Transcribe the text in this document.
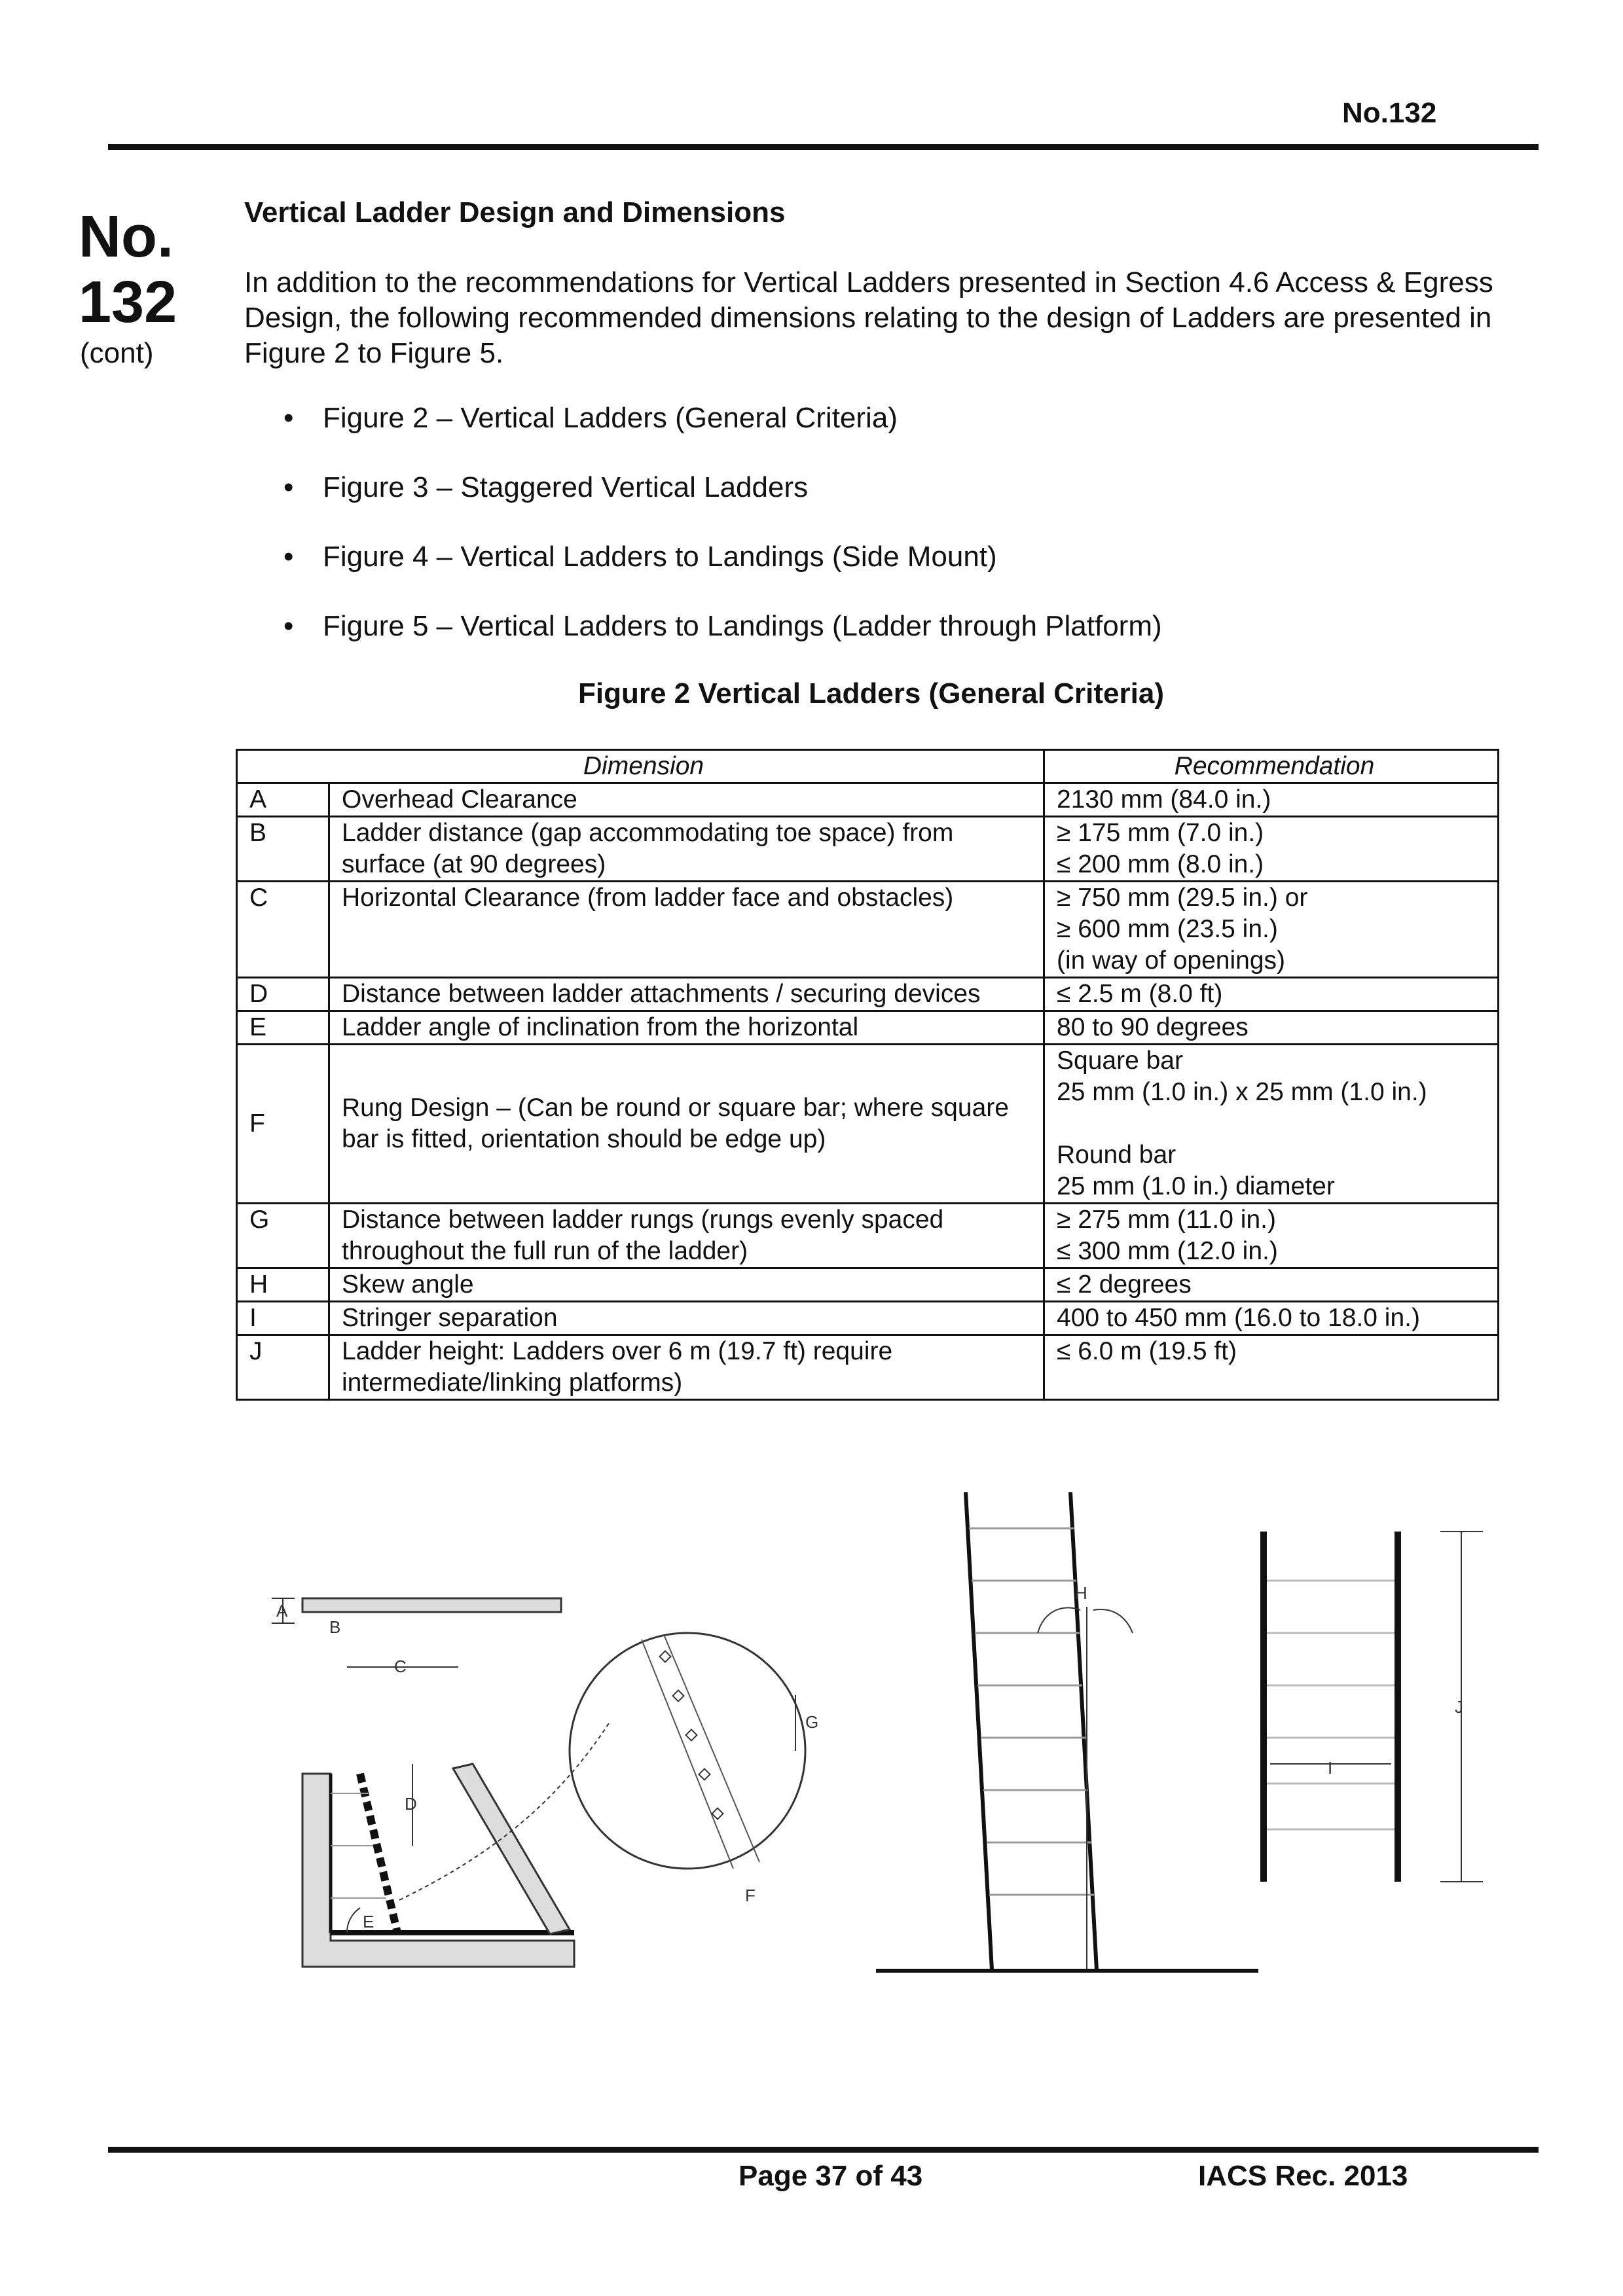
No.132
No.
132
(cont)
Vertical Ladder Design and Dimensions
In addition to the recommendations for Vertical Ladders presented in Section 4.6 Access & Egress Design, the following recommended dimensions relating to the design of Ladders are presented in Figure 2 to Figure 5.
• Figure 2 – Vertical Ladders (General Criteria)
• Figure 3 – Staggered Vertical Ladders
• Figure 4 – Vertical Ladders to Landings (Side Mount)
• Figure 5 – Vertical Ladders to Landings (Ladder through Platform)
Figure 2 Vertical Ladders (General Criteria)
Dimension		Recommendation
A	Overhead Clearance	2130 mm (84.0 in.)
B	Ladder distance (gap accommodating toe space) from surface (at 90 degrees)	≥ 175 mm (7.0 in.)
≤ 200 mm (8.0 in.)
C	Horizontal Clearance (from ladder face and obstacles)	≥ 750 mm (29.5 in.) or
≥ 600 mm (23.5 in.)
(in way of openings)
D	Distance between ladder attachments / securing devices	≤ 2.5 m (8.0 ft)
E	Ladder angle of inclination from the horizontal	80 to 90 degrees
F	Rung Design – (Can be round or square bar; where square bar is fitted, orientation should be edge up)	Square bar
25 mm (1.0 in.) x 25 mm (1.0 in.)

Round bar
25 mm (1.0 in.) diameter
G	Distance between ladder rungs (rungs evenly spaced throughout the full run of the ladder)	≥ 275 mm (11.0 in.)
≤ 300 mm (12.0 in.)
H	Skew angle	≤ 2 degrees
I	Stringer separation	400 to 450 mm (16.0 to 18.0 in.)
J	Ladder height: Ladders over 6 m (19.7 ft) require intermediate/linking platforms)	≤ 6.0 m (19.5 ft)
A
B
C
D
E
G
F
H
I
J
Page 37 of 43	IACS Rec. 2013
